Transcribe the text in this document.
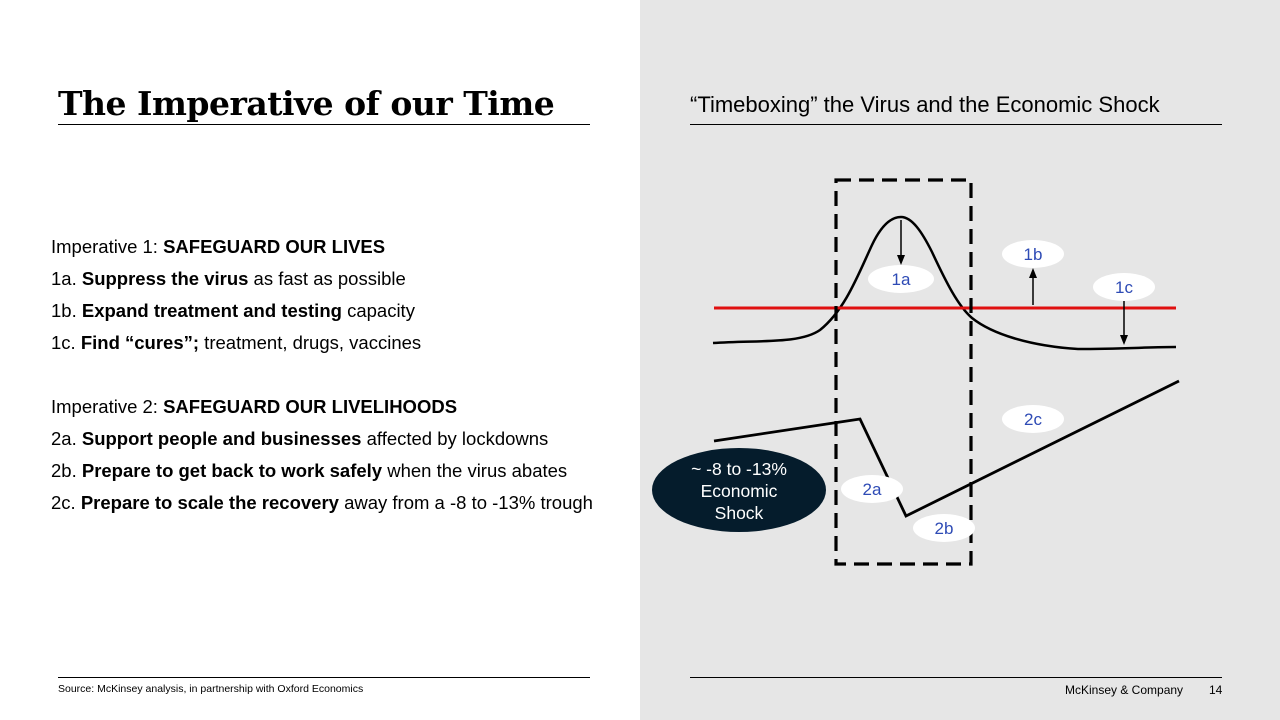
The Imperative of our Time
Imperative 1: SAFEGUARD OUR LIVES
1a. Suppress the virus as fast as possible
1b. Expand treatment and testing capacity
1c. Find “cures”; treatment, drugs, vaccines
Imperative 2: SAFEGUARD OUR LIVELIHOODS
2a. Support people and businesses affected by lockdowns
2b. Prepare to get back to work safely when the virus abates
2c. Prepare to scale the recovery away from a -8 to -13% trough
Source: McKinsey analysis, in partnership with Oxford Economics
“Timeboxing” the Virus and the Economic Shock
1a
1b
1c
2a
2b
2c
~ -8 to -13%
Economic
Shock
McKinsey & Company 14
